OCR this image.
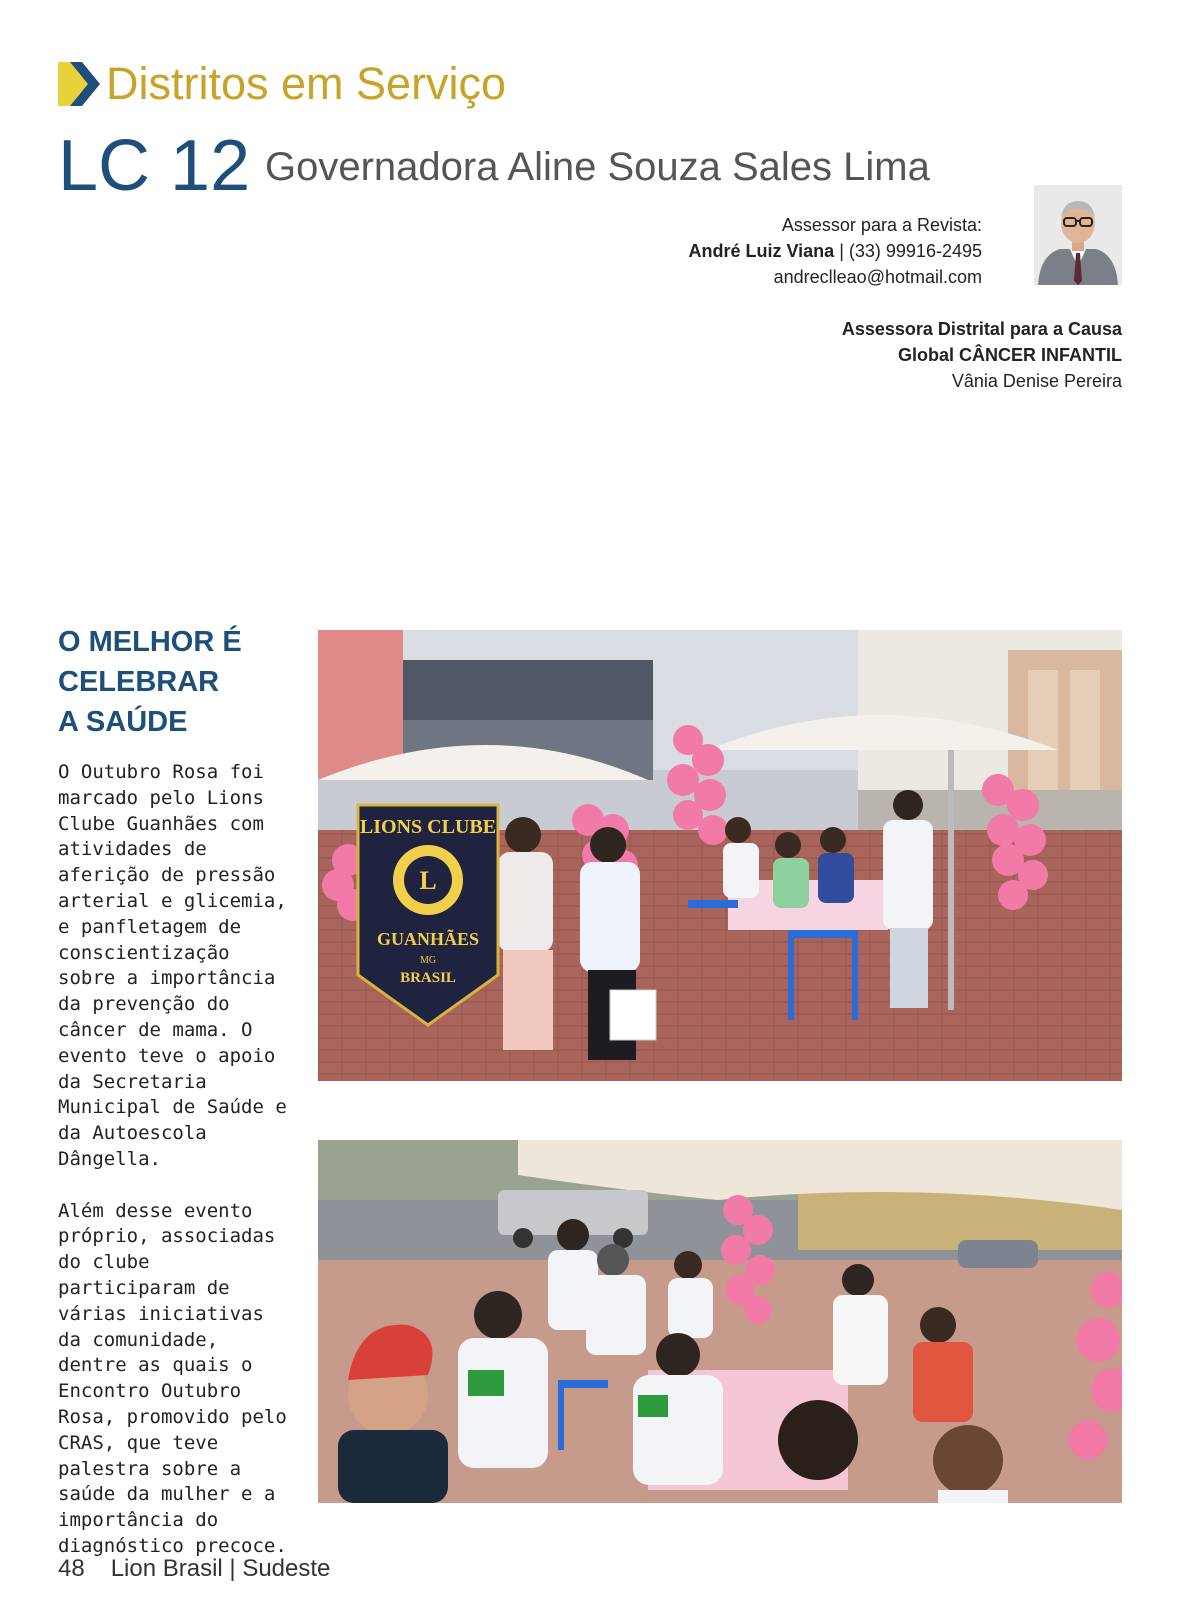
Distritos em Serviço
LC 12 Governadora Aline Souza Sales Lima
Assessor para a Revista:
André Luiz Viana | (33) 99916-2495
andreclleao@hotmail.com
Assessora Distrital para a Causa
Global CÂNCER INFANTIL
Vânia Denise Pereira
O MELHOR É
CELEBRAR
A SAÚDE

O Outubro Rosa foi marcado pelo Lions Clube Guanhães com atividades de aferição de pressão arterial e glicemia, e panfletagem de conscientização sobre a importância da prevenção do câncer de mama. O evento teve o apoio da Secretaria Municipal de Saúde e da Autoescola Dângella.

Além desse evento próprio, associadas do clube participaram de várias iniciativas da comunidade, dentre as quais o Encontro Outubro Rosa, promovido pelo CRAS, que teve palestra sobre a saúde da mulher e a importância do diagnóstico precoce.

L
LIONS CLUBE
GUANHÃES
MG
BRASIL
48 Lion Brasil | Sudeste
